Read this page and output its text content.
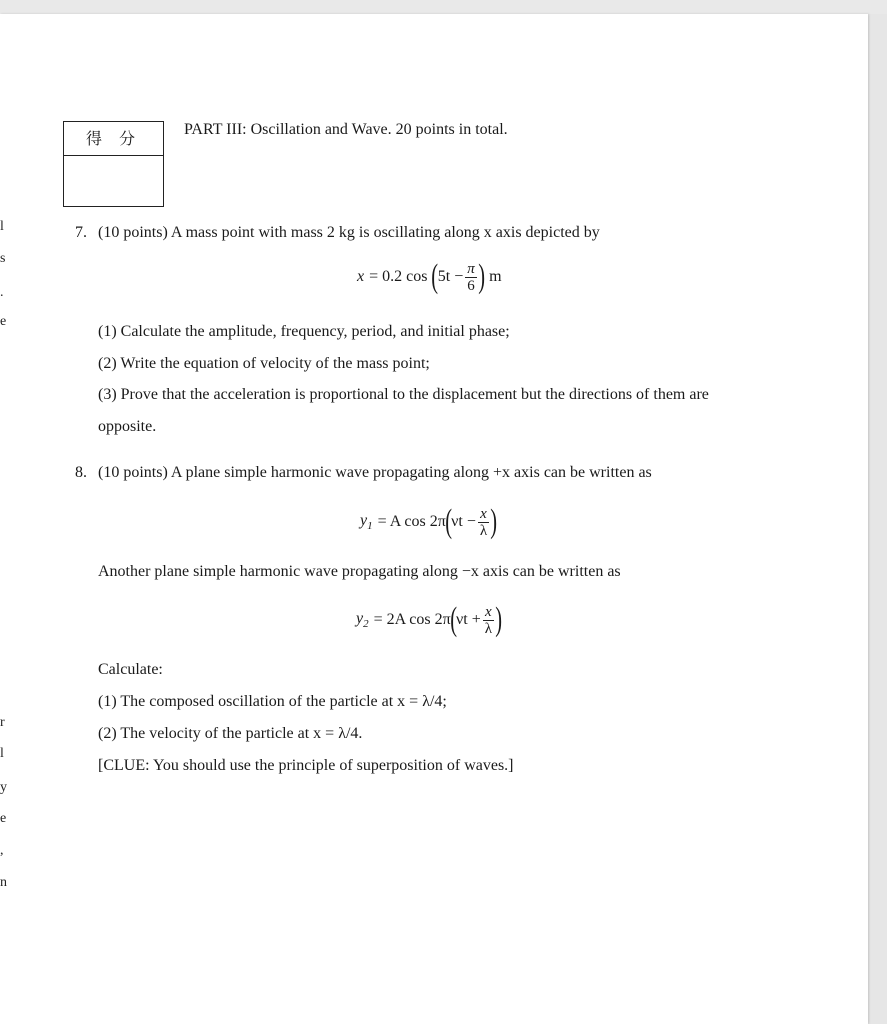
l
s
.
e
r
l
y
e
,
n
得 分	PART III: Oscillation and Wave. 20 points in total.
7. (10 points) A mass point with mass 2 kg is oscillating along x axis depicted by
x = 0.2 cos ( $5t - \frac{\pi}{6}$ ) m
(1) Calculate the amplitude, frequency, period, and initial phase;
(2) Write the equation of velocity of the mass point;
(3) Prove that the acceleration is proportional to the displacement but the directions of them are
opposite.
8. (10 points) A plane simple harmonic wave propagating along +x axis can be written as
$y_1 = A$ cos 2π ( $\nu t - \frac{x}{\lambda}$ )
Another plane simple harmonic wave propagating along −x axis can be written as
$y_2 = 2A$ cos 2π ( $\nu t + \frac{x}{\lambda}$ )
Calculate:
(1) The composed oscillation of the particle at x = λ/4;
(2) The velocity of the particle at x = λ/4.
[CLUE: You should use the principle of superposition of waves.]
